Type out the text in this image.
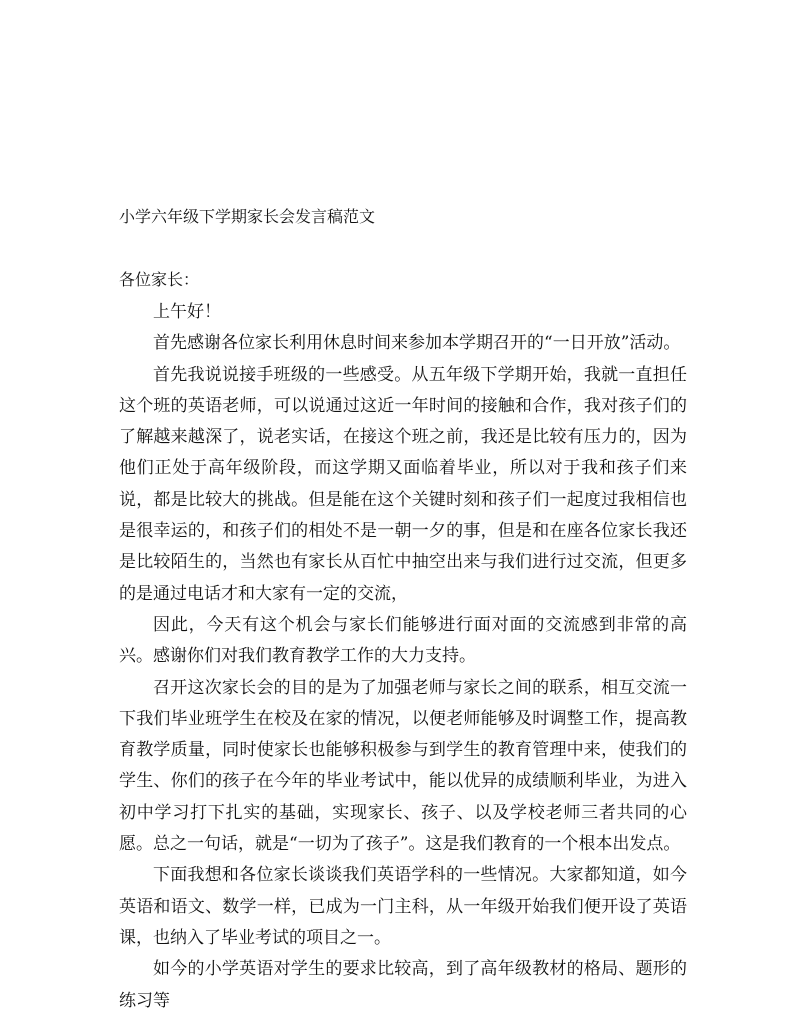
小学六年级下学期家长会发言稿范文
各位家长：

上午好！

首先感谢各位家长利用休息时间来参加本学期召开的“一日开放”活动。

首先我说说接手班级的一些感受。从五年级下学期开始，我就一直担任这个班的英语老师，可以说通过这近一年时间的接触和合作，我对孩子们的了解越来越深了，说老实话，在接这个班之前，我还是比较有压力的，因为他们正处于高年级阶段，而这学期又面临着毕业，所以对于我和孩子们来说，都是比较大的挑战。但是能在这个关键时刻和孩子们一起度过我相信也是很幸运的，和孩子们的相处不是一朝一夕的事，但是和在座各位家长我还是比较陌生的，当然也有家长从百忙中抽空出来与我们进行过交流，但更多的是通过电话才和大家有一定的交流，

因此，今天有这个机会与家长们能够进行面对面的交流感到非常的高兴。感谢你们对我们教育教学工作的大力支持。

召开这次家长会的目的是为了加强老师与家长之间的联系，相互交流一下我们毕业班学生在校及在家的情况，以便老师能够及时调整工作，提高教育教学质量，同时使家长也能够积极参与到学生的教育管理中来，使我们的学生、你们的孩子在今年的毕业考试中，能以优异的成绩顺利毕业，为进入初中学习打下扎实的基础，实现家长、孩子、以及学校老师三者共同的心愿。总之一句话，就是“一切为了孩子”。这是我们教育的一个根本出发点。

下面我想和各位家长谈谈我们英语学科的一些情况。大家都知道，如今英语和语文、数学一样，已成为一门主科，从一年级开始我们便开设了英语课，也纳入了毕业考试的项目之一。

如今的小学英语对学生的要求比较高，到了高年级教材的格局、题形的练习等
